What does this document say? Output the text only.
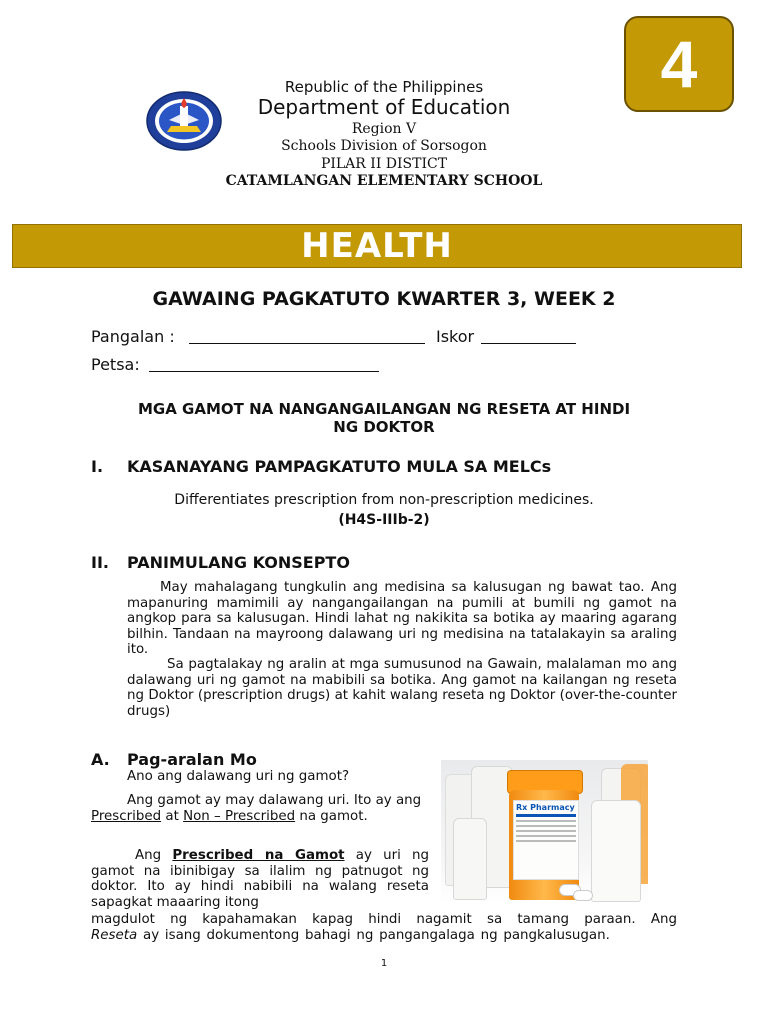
4
Republic of the Philippines
Department of Education
Region V
Schools Division of Sorsogon
PILAR II DISTICT
CATAMLANGAN ELEMENTARY SCHOOL
HEALTH
GAWAING PAGKATUTO KWARTER 3, WEEK 2
Pangalan :	Iskor
Petsa:
MGA GAMOT NA NANGANGAILANGAN NG RESETA AT HINDI
NG DOKTOR
I. KASANAYANG PAMPAGKATUTO MULA SA MELCs
Differentiates prescription from non-prescription medicines.
(H4S-IIIb-2)
II. PANIMULANG KONSEPTO
May mahalagang tungkulin ang medisina sa kalusugan ng bawat tao. Ang mapanuring mamimili ay nangangailangan na pumili at bumili ng gamot na angkop para sa kalusugan. Hindi lahat ng nakikita sa botika ay maaring agarang bilhin. Tandaan na mayroong dalawang uri ng medisina na tatalakayin sa araling ito.
Sa pagtalakay ng aralin at mga sumusunod na Gawain, malalaman mo ang dalawang uri ng gamot na mabibili sa botika. Ang gamot na kailangan ng reseta ng Doktor (prescription drugs) at kahit walang reseta ng Doktor (over-the-counter drugs)
A. Pag-aralan Mo
Ano ang dalawang uri ng gamot?
Ang gamot ay may dalawang uri. Ito ay ang Prescribed at Non – Prescribed na gamot.
Ang Prescribed na Gamot ay uri ng gamot na ibinibigay sa ilalim ng patnugot ng doktor. Ito ay hindi nabibili na walang reseta sapagkat maaaring itong
magdulot ng kapahamakan kapag hindi nagamit sa tamang paraan. Ang
Reseta ay isang dokumentong bahagi ng pangangalaga ng pangkalusugan.
Rx Pharmacy
1
